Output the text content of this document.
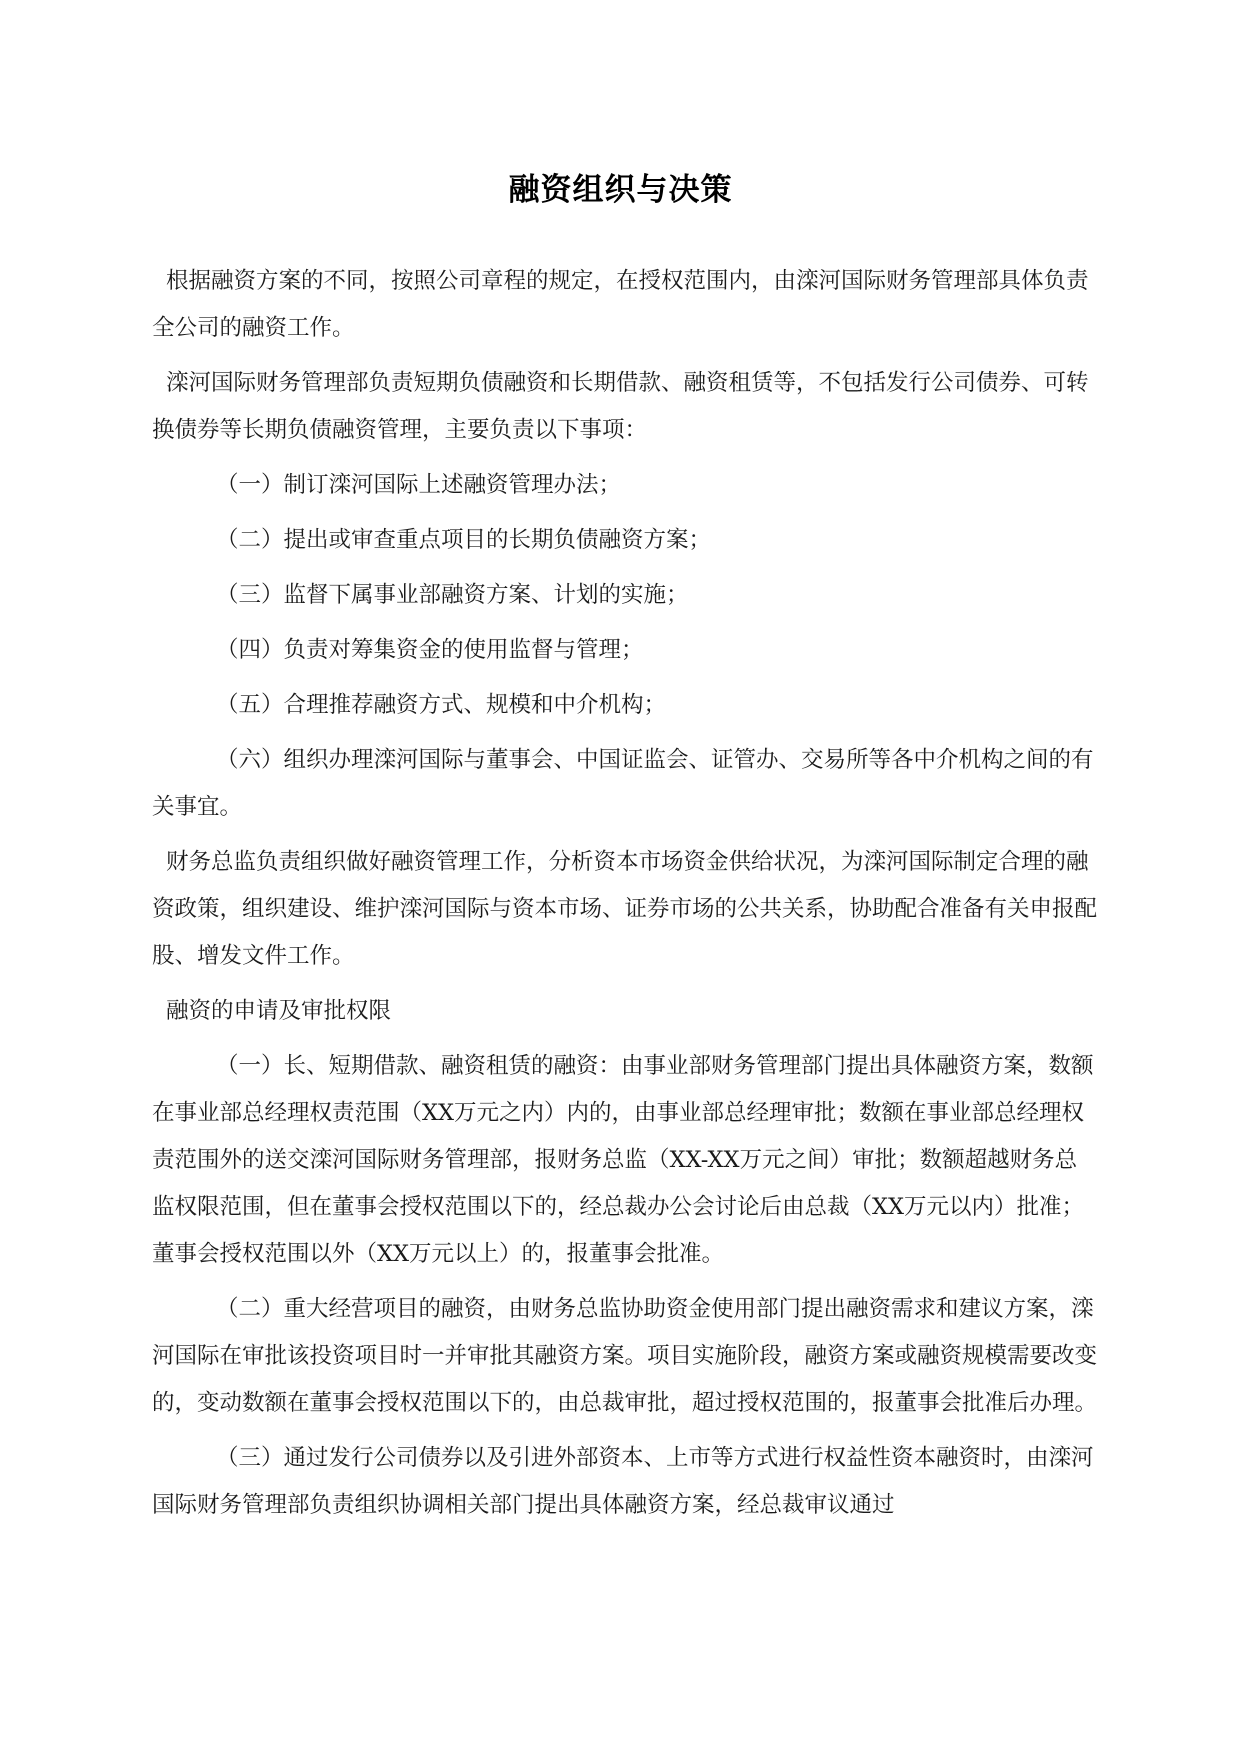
融资组织与决策

根据融资方案的不同，按照公司章程的规定，在授权范围内，由滦河国际财务管理部具体负责全公司的融资工作。

滦河国际财务管理部负责短期负债融资和长期借款、融资租赁等，不包括发行公司债券、可转换债券等长期负债融资管理，主要负责以下事项：

（一）制订滦河国际上述融资管理办法；

（二）提出或审查重点项目的长期负债融资方案；

（三）监督下属事业部融资方案、计划的实施；

（四）负责对筹集资金的使用监督与管理；

（五）合理推荐融资方式、规模和中介机构；

（六）组织办理滦河国际与董事会、中国证监会、证管办、交易所等各中介机构之间的有关事宜。

财务总监负责组织做好融资管理工作，分析资本市场资金供给状况，为滦河国际制定合理的融资政策，组织建设、维护滦河国际与资本市场、证券市场的公共关系，协助配合准备有关申报配股、增发文件工作。

融资的申请及审批权限

（一）长、短期借款、融资租赁的融资：由事业部财务管理部门提出具体融资方案，数额在事业部总经理权责范围（XX万元之内）内的，由事业部总经理审批；数额在事业部总经理权责范围外的送交滦河国际财务管理部，报财务总监（XX-XX万元之间）审批；数额超越财务总监权限范围，但在董事会授权范围以下的，经总裁办公会讨论后由总裁（XX万元以内）批准；董事会授权范围以外（XX万元以上）的，报董事会批准。

（二）重大经营项目的融资，由财务总监协助资金使用部门提出融资需求和建议方案，滦河国际在审批该投资项目时一并审批其融资方案。项目实施阶段，融资方案或融资规模需要改变的，变动数额在董事会授权范围以下的，由总裁审批，超过授权范围的，报董事会批准后办理。

（三）通过发行公司债券以及引进外部资本、上市等方式进行权益性资本融资时，由滦河国际财务管理部负责组织协调相关部门提出具体融资方案，经总裁审议通过
